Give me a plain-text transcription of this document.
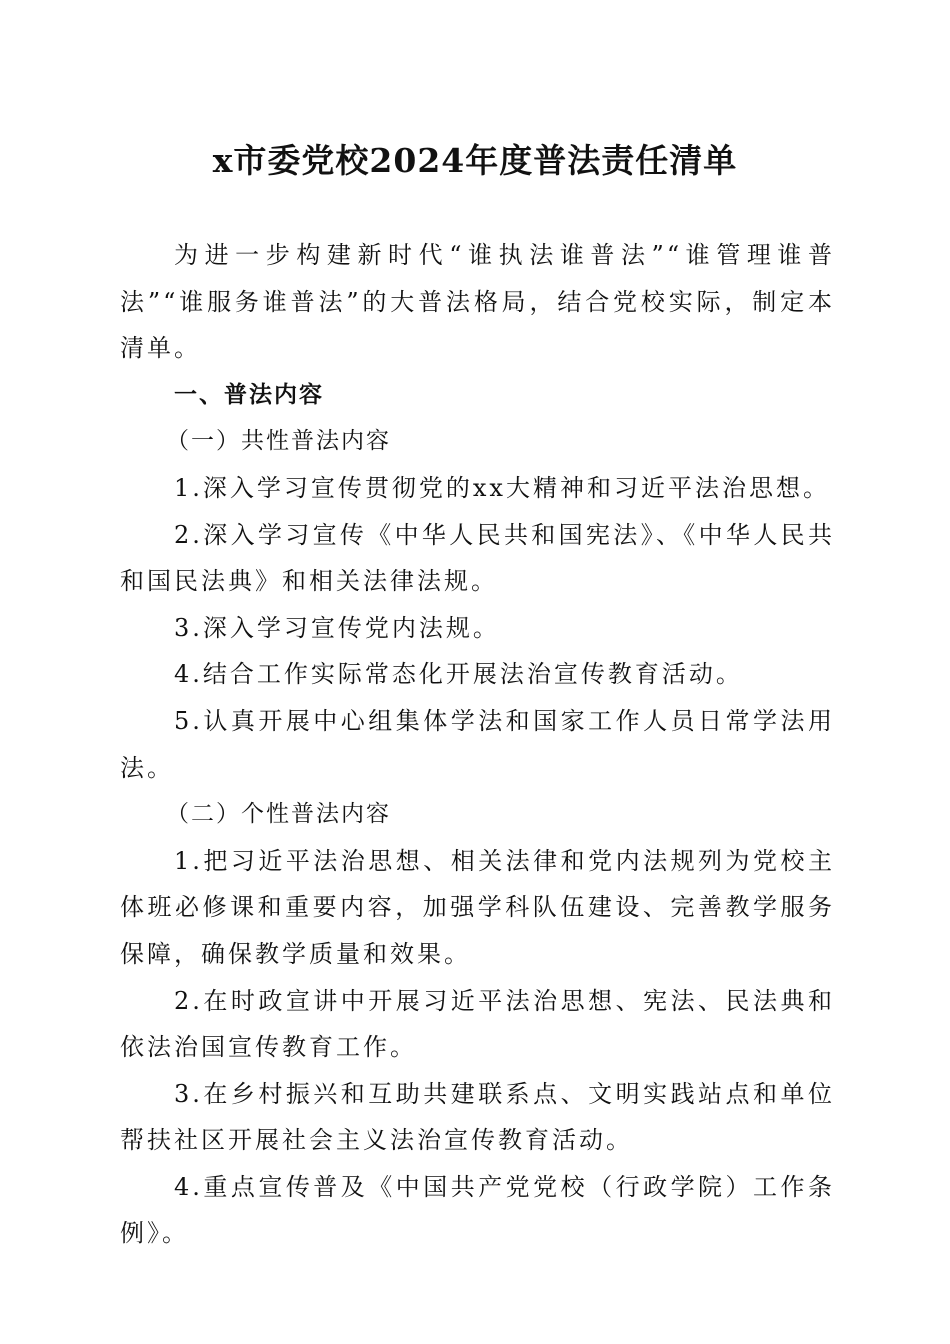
x市委党校2024年度普法责任清单

为进一步构建新时代“谁执法谁普法”“谁管理谁普法”“谁服务谁普法”的大普法格局，结合党校实际，制定本清单。

一、普法内容

（一）共性普法内容

1.深入学习宣传贯彻党的xx大精神和习近平法治思想。

2.深入学习宣传《中华人民共和国宪法》、《中华人民共和国民法典》和相关法律法规。

3.深入学习宣传党内法规。

4.结合工作实际常态化开展法治宣传教育活动。

5.认真开展中心组集体学法和国家工作人员日常学法用法。

（二）个性普法内容

1.把习近平法治思想、相关法律和党内法规列为党校主体班必修课和重要内容，加强学科队伍建设、完善教学服务保障，确保教学质量和效果。

2.在时政宣讲中开展习近平法治思想、宪法、民法典和依法治国宣传教育工作。

3.在乡村振兴和互助共建联系点、文明实践站点和单位帮扶社区开展社会主义法治宣传教育活动。

4.重点宣传普及《中国共产党党校（行政学院）工作条例》。
